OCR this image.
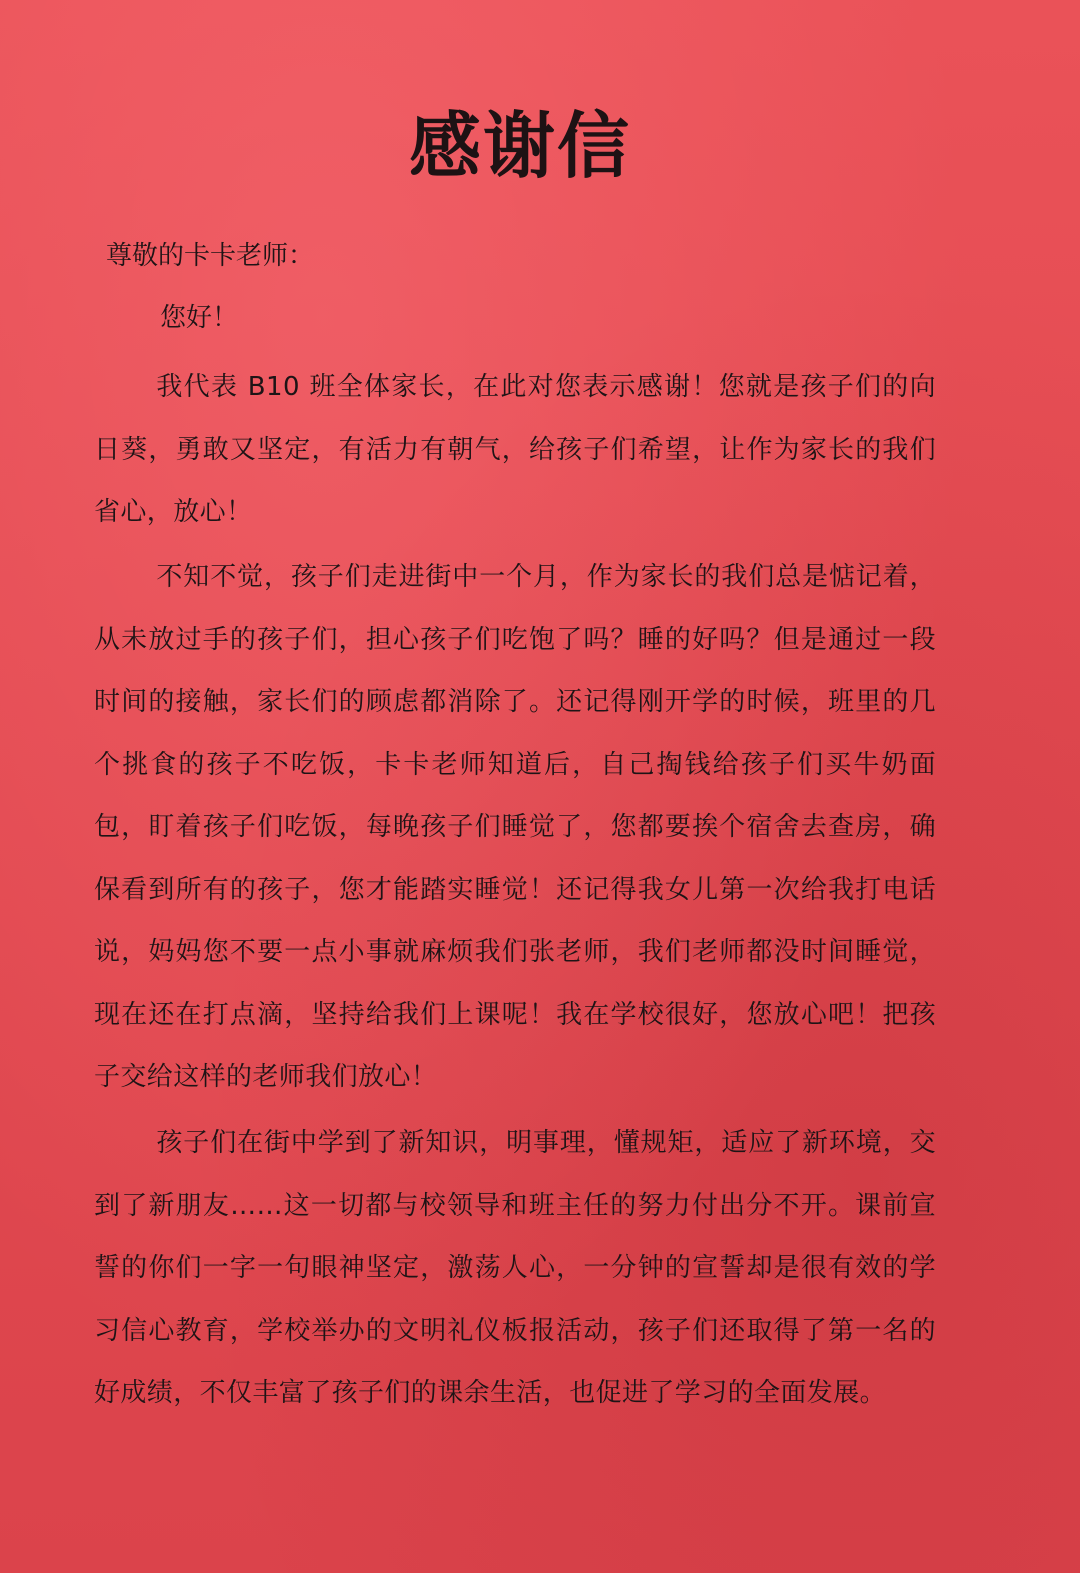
感谢信

尊敬的卡卡老师：

您好！

我代表 B10 班全体家长，在此对您表示感谢！您就是孩子们的向日葵，勇敢又坚定，有活力有朝气，给孩子们希望，让作为家长的我们省心，放心！

不知不觉，孩子们走进街中一个月，作为家长的我们总是惦记着，从未放过手的孩子们，担心孩子们吃饱了吗？睡的好吗？但是通过一段时间的接触，家长们的顾虑都消除了。还记得刚开学的时候，班里的几个挑食的孩子不吃饭，卡卡老师知道后，自己掏钱给孩子们买牛奶面包，盯着孩子们吃饭，每晚孩子们睡觉了，您都要挨个宿舍去查房，确保看到所有的孩子，您才能踏实睡觉！还记得我女儿第一次给我打电话说，妈妈您不要一点小事就麻烦我们张老师，我们老师都没时间睡觉，现在还在打点滴，坚持给我们上课呢！我在学校很好，您放心吧！把孩子交给这样的老师我们放心！

孩子们在街中学到了新知识，明事理，懂规矩，适应了新环境，交到了新朋友……这一切都与校领导和班主任的努力付出分不开。课前宣誓的你们一字一句眼神坚定，激荡人心，一分钟的宣誓却是很有效的学习信心教育，学校举办的文明礼仪板报活动，孩子们还取得了第一名的好成绩，不仅丰富了孩子们的课余生活，也促进了学习的全面发展。
